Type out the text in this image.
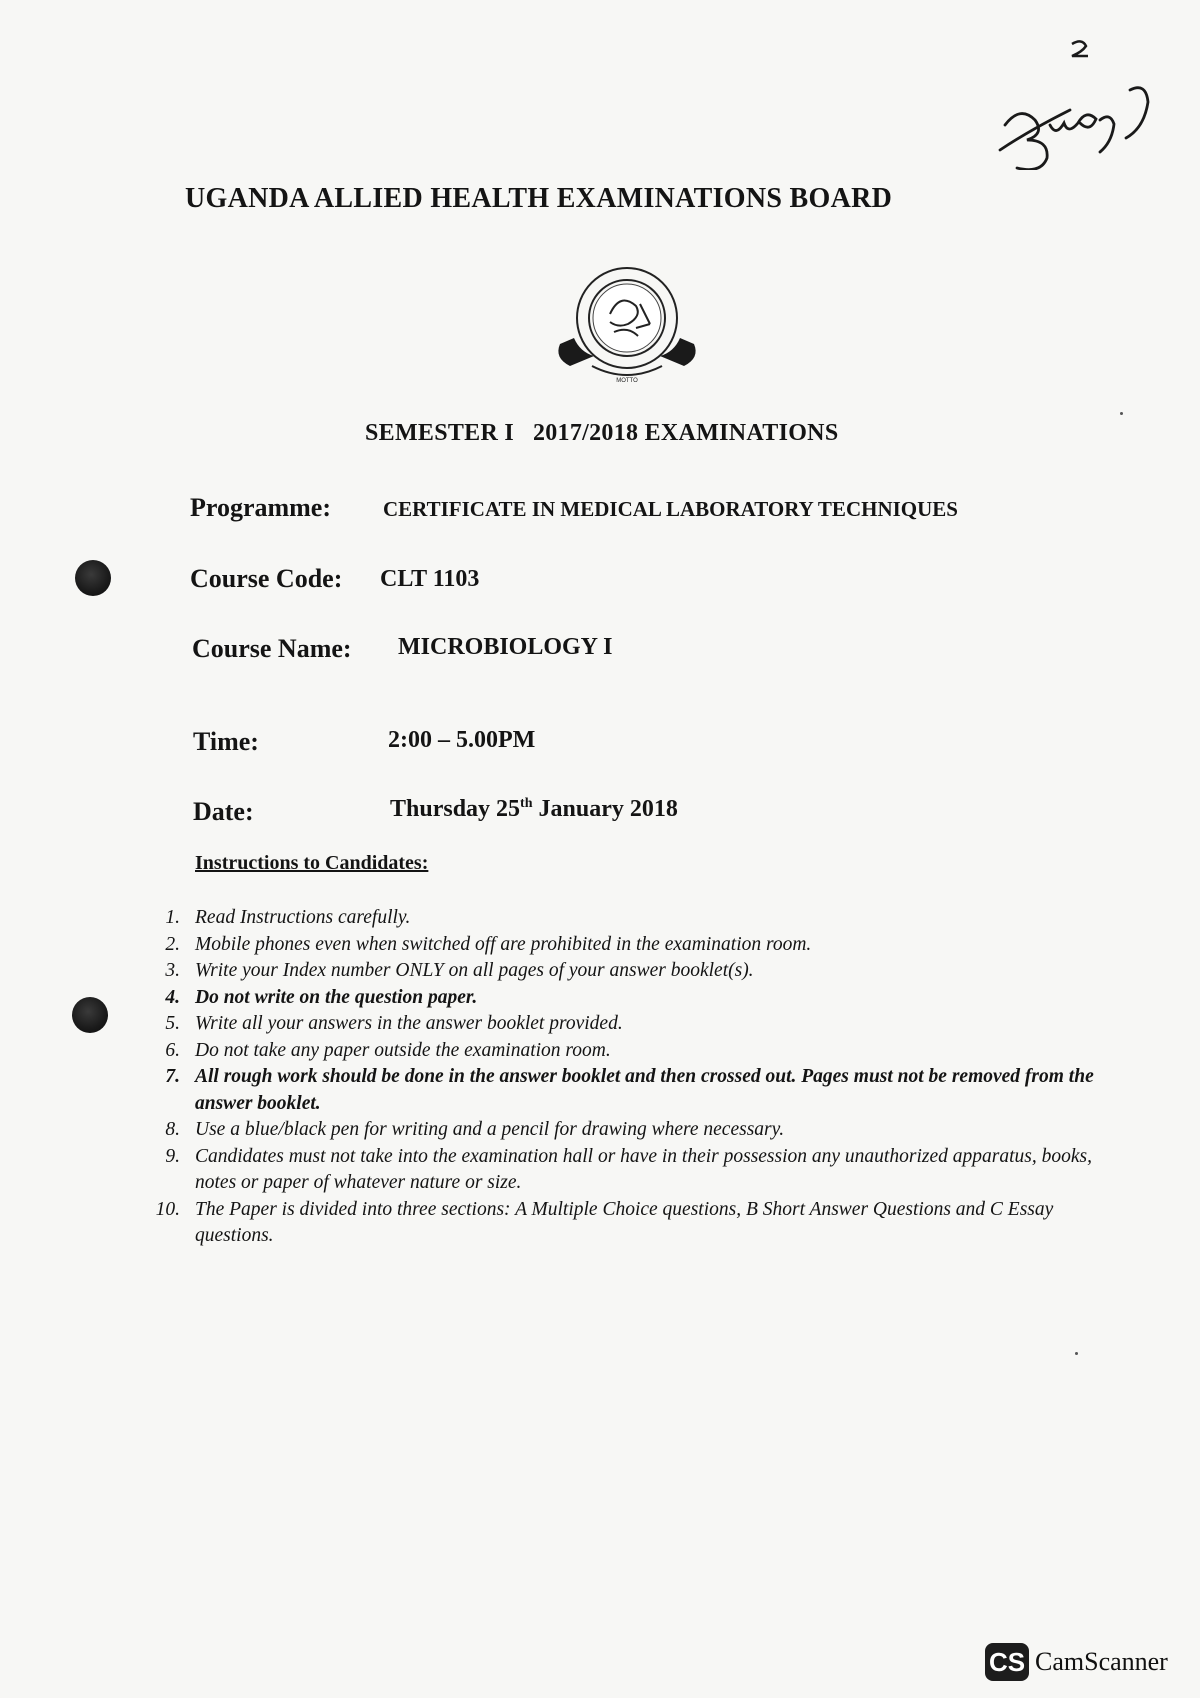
UGANDA ALLIED HEALTH EXAMINATIONS BOARD
MOTTO
SEMESTER I   2017/2018 EXAMINATIONS
Programme: CERTIFICATE IN MEDICAL LABORATORY TECHNIQUES
Course Code: CLT 1103
Course Name: MICROBIOLOGY I
Time:	2:00 – 5.00PM
Date:	Thursday 25th January 2018
Instructions to Candidates:
1. Read Instructions carefully.
2. Mobile phones even when switched off are prohibited in the examination room.
3. Write your Index number ONLY on all pages of your answer booklet(s).
4. Do not write on the question paper.
5. Write all your answers in the answer booklet provided.
6. Do not take any paper outside the examination room.
7. All rough work should be done in the answer booklet and then crossed out. Pages must not be removed from the answer booklet.
8. Use a blue/black pen for writing and a pencil for drawing where necessary.
9. Candidates must not take into the examination hall or have in their possession any unauthorized apparatus, books, notes or paper of whatever nature or size.
10. The Paper is divided into three sections: A Multiple Choice questions, B Short Answer Questions and C Essay questions.
CS CamScanner
